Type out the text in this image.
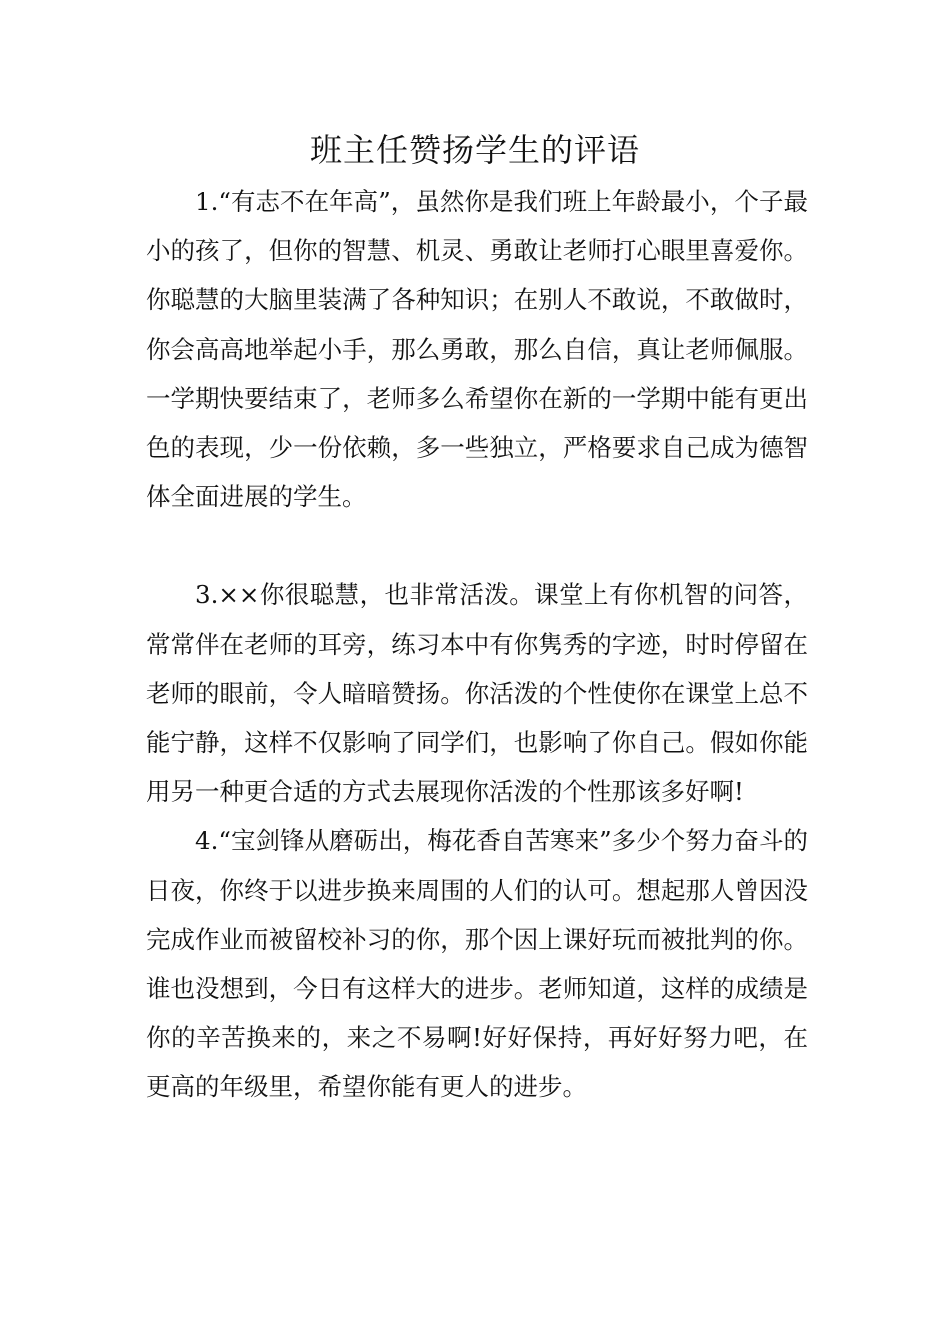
班主任赞扬学生的评语

1.“有志不在年高”，虽然你是我们班上年龄最小，个子最小的孩了，但你的智慧、机灵、勇敢让老师打心眼里喜爱你。你聪慧的大脑里装满了各种知识；在别人不敢说，不敢做时，你会高高地举起小手，那么勇敢，那么自信，真让老师佩服。一学期快要结束了，老师多么希望你在新的一学期中能有更出色的表现，少一份依赖，多一些独立，严格要求自己成为德智体全面进展的学生。

3.××你很聪慧，也非常活泼。课堂上有你机智的问答，常常伴在老师的耳旁，练习本中有你隽秀的字迹，时时停留在老师的眼前，令人暗暗赞扬。你活泼的个性使你在课堂上总不能宁静，这样不仅影响了同学们，也影响了你自己。假如你能用另一种更合适的方式去展现你活泼的个性那该多好啊!

4.“宝剑锋从磨砺出，梅花香自苦寒来”多少个努力奋斗的日夜，你终于以进步换来周围的人们的认可。想起那人曾因没完成作业而被留校补习的你，那个因上课好玩而被批判的你。谁也没想到，今日有这样大的进步。老师知道，这样的成绩是你的辛苦换来的，来之不易啊!好好保持，再好好努力吧，在更高的年级里，希望你能有更人的进步。
